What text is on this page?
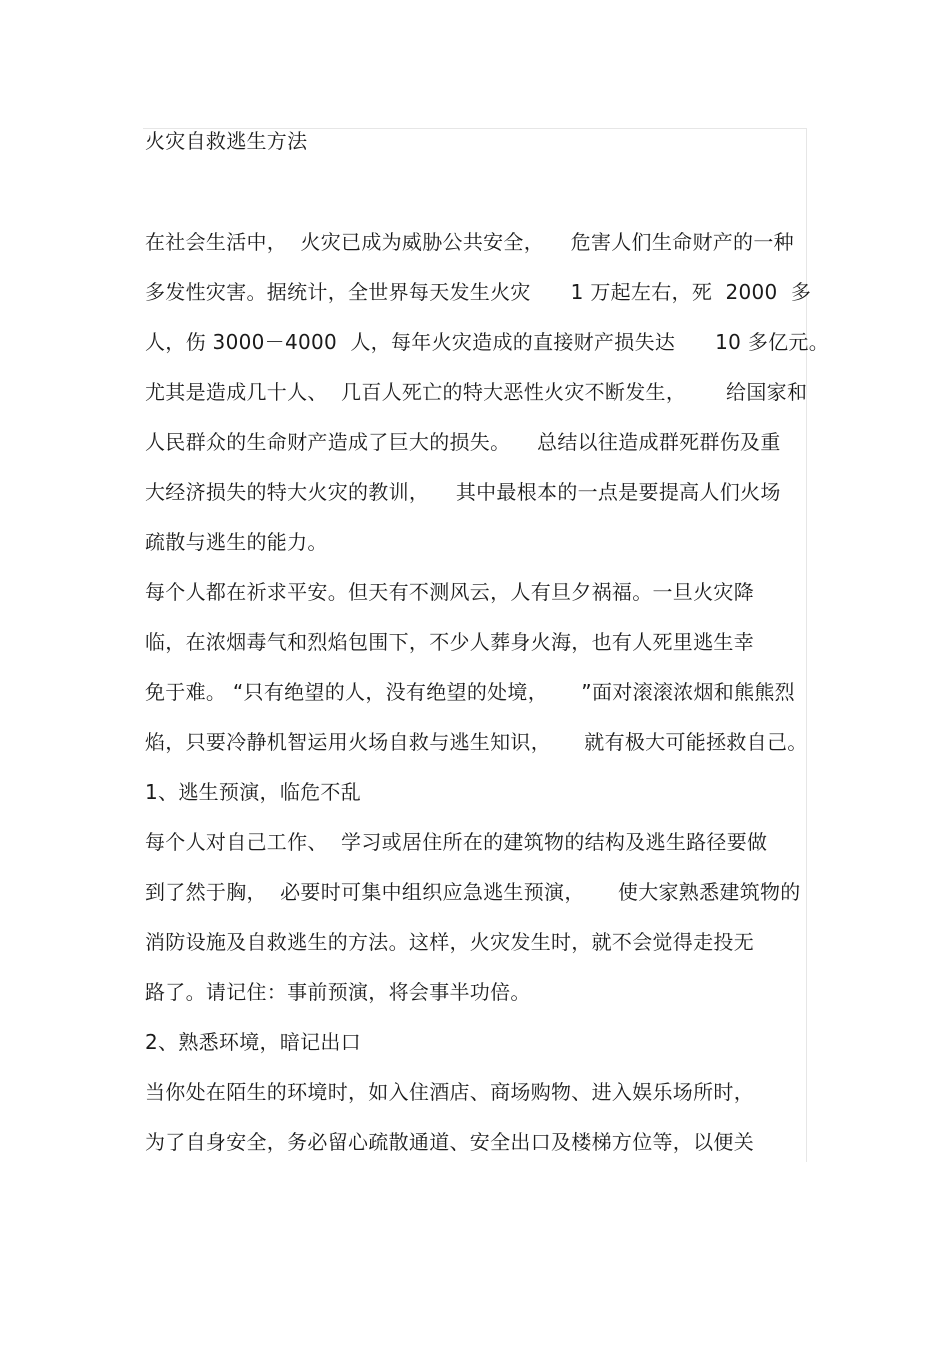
火灾自救逃生方法
在社会生活中，  火灾已成为威胁公共安全，    危害人们生命财产的一种
多发性灾害。据统计，全世界每天发生火灾      1 万起左右，死  2000  多
人，伤 3000－4000  人，每年火灾造成的直接财产损失达      10 多亿元。
尤其是造成几十人、  几百人死亡的特大恶性火灾不断发生，      给国家和
人民群众的生命财产造成了巨大的损失。    总结以往造成群死群伤及重
大经济损失的特大火灾的教训，    其中最根本的一点是要提高人们火场
疏散与逃生的能力。
每个人都在祈求平安。但天有不测风云，人有旦夕祸福。一旦火灾降
临，在浓烟毒气和烈焰包围下，不少人葬身火海，也有人死里逃生幸
免于难。 “只有绝望的人，没有绝望的处境，     ”面对滚滚浓烟和熊熊烈
焰，只要冷静机智运用火场自救与逃生知识，     就有极大可能拯救自己。
1、逃生预演，临危不乱
每个人对自己工作、  学习或居住所在的建筑物的结构及逃生路径要做
到了然于胸，  必要时可集中组织应急逃生预演，     使大家熟悉建筑物的
消防设施及自救逃生的方法。这样，火灾发生时，就不会觉得走投无
路了。请记住：事前预演，将会事半功倍。
2、熟悉环境，暗记出口
当你处在陌生的环境时，如入住酒店、商场购物、进入娱乐场所时，
为了自身安全，务必留心疏散通道、安全出口及楼梯方位等，以便关
